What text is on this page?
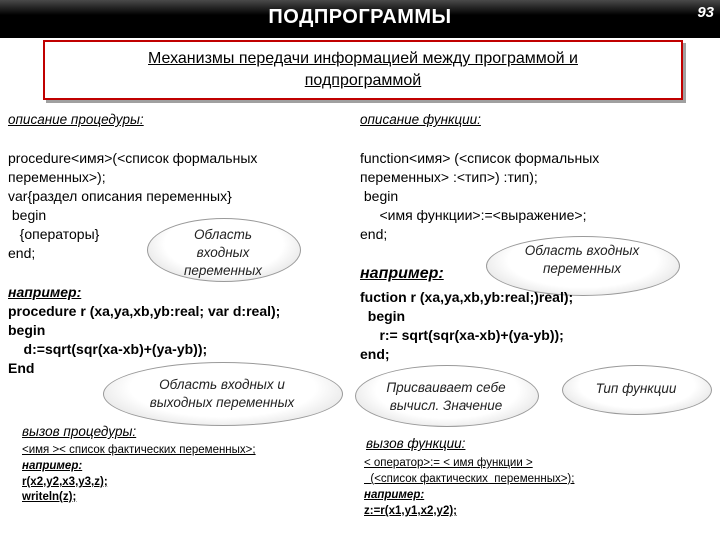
ПОДПРОГРАММЫ	93
Механизмы передачи информацией между программой и
подпрограммой
Область
входных
переменных
Область входных и
выходных переменных
Область входных
переменных
Присваивает себе
вычисл. Значение
Тип функции
описание процедуры:
procedure<имя>(<список формальных
переменных>);
var{раздел описания переменных}
begin
{операторы}
end;
например:
procedure r (xa,ya,xb,yb:real; var d:real);
begin
d:=sqrt(sqr(xa-xb)+(ya-yb));
End
вызов процедуры:
<имя >< список фактических переменных>;
например:
r(x2,y2,x3,y3,z);
writeln(z);
описание функции:
function<имя> (<список формальных
переменных> :<тип>) :тип);
begin
<имя функции>:=<выражение>;
end;
например:
fuction r (xa,ya,xb,yb:real;)real);
begin
r:= sqrt(sqr(xa-xb)+(ya-yb));
end;
вызов функции:
< оператор>:= < имя функции >
(<список фактических  переменных>);
например:
z:=r(x1,y1,x2,y2);
